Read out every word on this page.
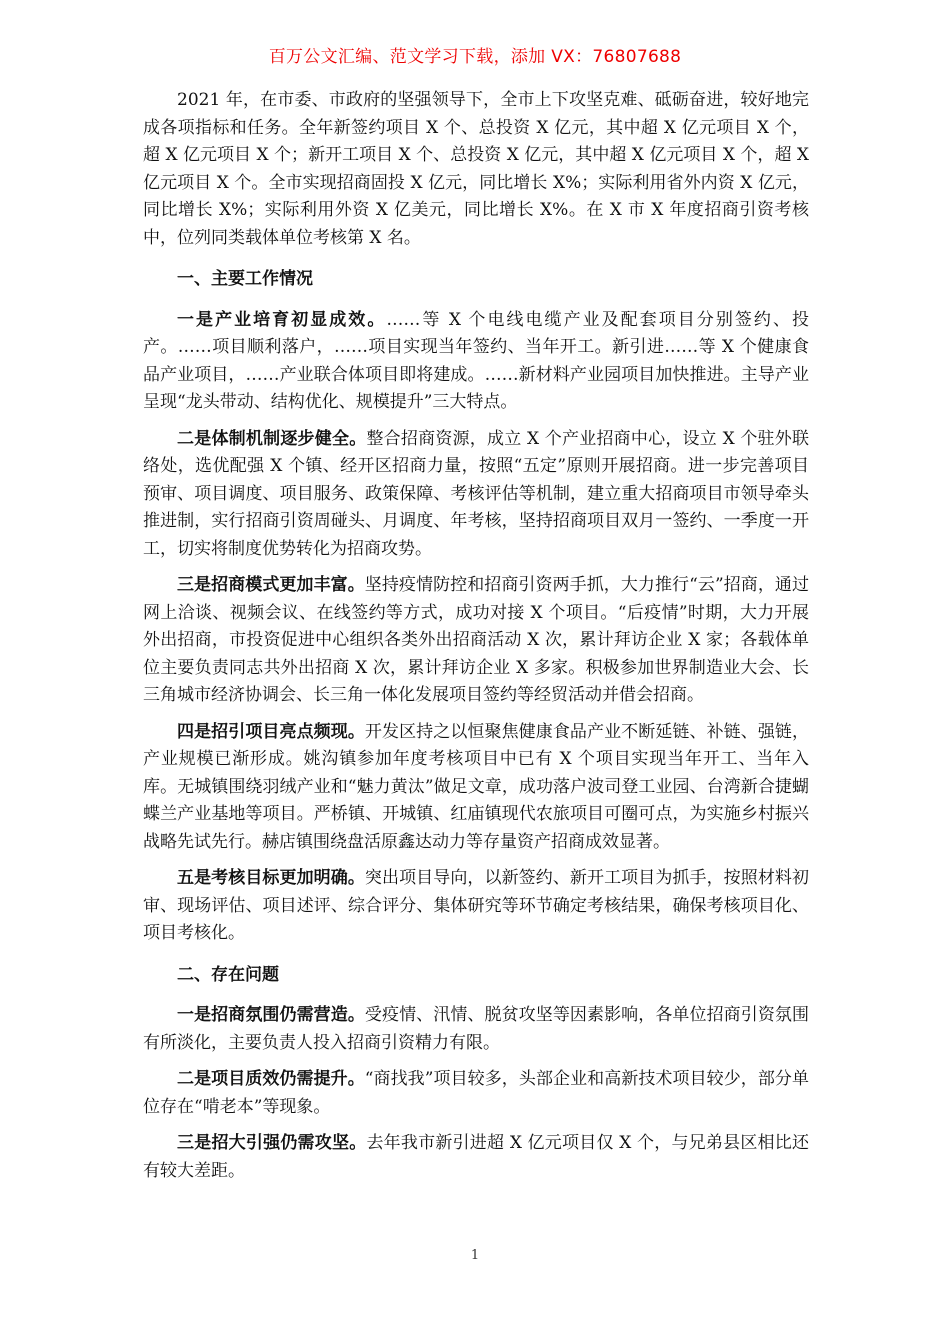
百万公文汇编、范文学习下载，添加 VX：76807688

2021 年，在市委、市政府的坚强领导下，全市上下攻坚克难、砥砺奋进，较好地完成各项指标和任务。全年新签约项目 X 个、总投资 X 亿元，其中超 X 亿元项目 X 个，超 X 亿元项目 X 个；新开工项目 X 个、总投资 X 亿元，其中超 X 亿元项目 X 个，超 X 亿元项目 X 个。全市实现招商固投 X 亿元，同比增长 X%；实际利用省外内资 X 亿元，同比增长 X%；实际利用外资 X 亿美元，同比增长 X%。在 X 市 X 年度招商引资考核中，位列同类载体单位考核第 X 名。

一、主要工作情况

一是产业培育初显成效。……等 X 个电线电缆产业及配套项目分别签约、投产。……项目顺利落户，……项目实现当年签约、当年开工。新引进……等 X 个健康食品产业项目，……产业联合体项目即将建成。……新材料产业园项目加快推进。主导产业呈现“龙头带动、结构优化、规模提升”三大特点。

二是体制机制逐步健全。整合招商资源，成立 X 个产业招商中心，设立 X 个驻外联络处，选优配强 X 个镇、经开区招商力量，按照“五定”原则开展招商。进一步完善项目预审、项目调度、项目服务、政策保障、考核评估等机制，建立重大招商项目市领导牵头推进制，实行招商引资周碰头、月调度、年考核，坚持招商项目双月一签约、一季度一开工，切实将制度优势转化为招商攻势。

三是招商模式更加丰富。坚持疫情防控和招商引资两手抓，大力推行“云”招商，通过网上洽谈、视频会议、在线签约等方式，成功对接 X 个项目。“后疫情”时期，大力开展外出招商，市投资促进中心组织各类外出招商活动 X 次，累计拜访企业 X 家；各载体单位主要负责同志共外出招商 X 次，累计拜访企业 X 多家。积极参加世界制造业大会、长三角城市经济协调会、长三角一体化发展项目签约等经贸活动并借会招商。

四是招引项目亮点频现。开发区持之以恒聚焦健康食品产业不断延链、补链、强链，产业规模已渐形成。姚沟镇参加年度考核项目中已有 X 个项目实现当年开工、当年入库。无城镇围绕羽绒产业和“魅力黄汰”做足文章，成功落户波司登工业园、台湾新合捷蝴蝶兰产业基地等项目。严桥镇、开城镇、红庙镇现代农旅项目可圈可点，为实施乡村振兴战略先试先行。赫店镇围绕盘活原鑫达动力等存量资产招商成效显著。

五是考核目标更加明确。突出项目导向，以新签约、新开工项目为抓手，按照材料初审、现场评估、项目述评、综合评分、集体研究等环节确定考核结果，确保考核项目化、项目考核化。

二、存在问题

一是招商氛围仍需营造。受疫情、汛情、脱贫攻坚等因素影响，各单位招商引资氛围有所淡化，主要负责人投入招商引资精力有限。

二是项目质效仍需提升。“商找我”项目较多，头部企业和高新技术项目较少，部分单位存在“啃老本”等现象。

三是招大引强仍需攻坚。去年我市新引进超 X 亿元项目仅 X 个，与兄弟县区相比还有较大差距。

1
